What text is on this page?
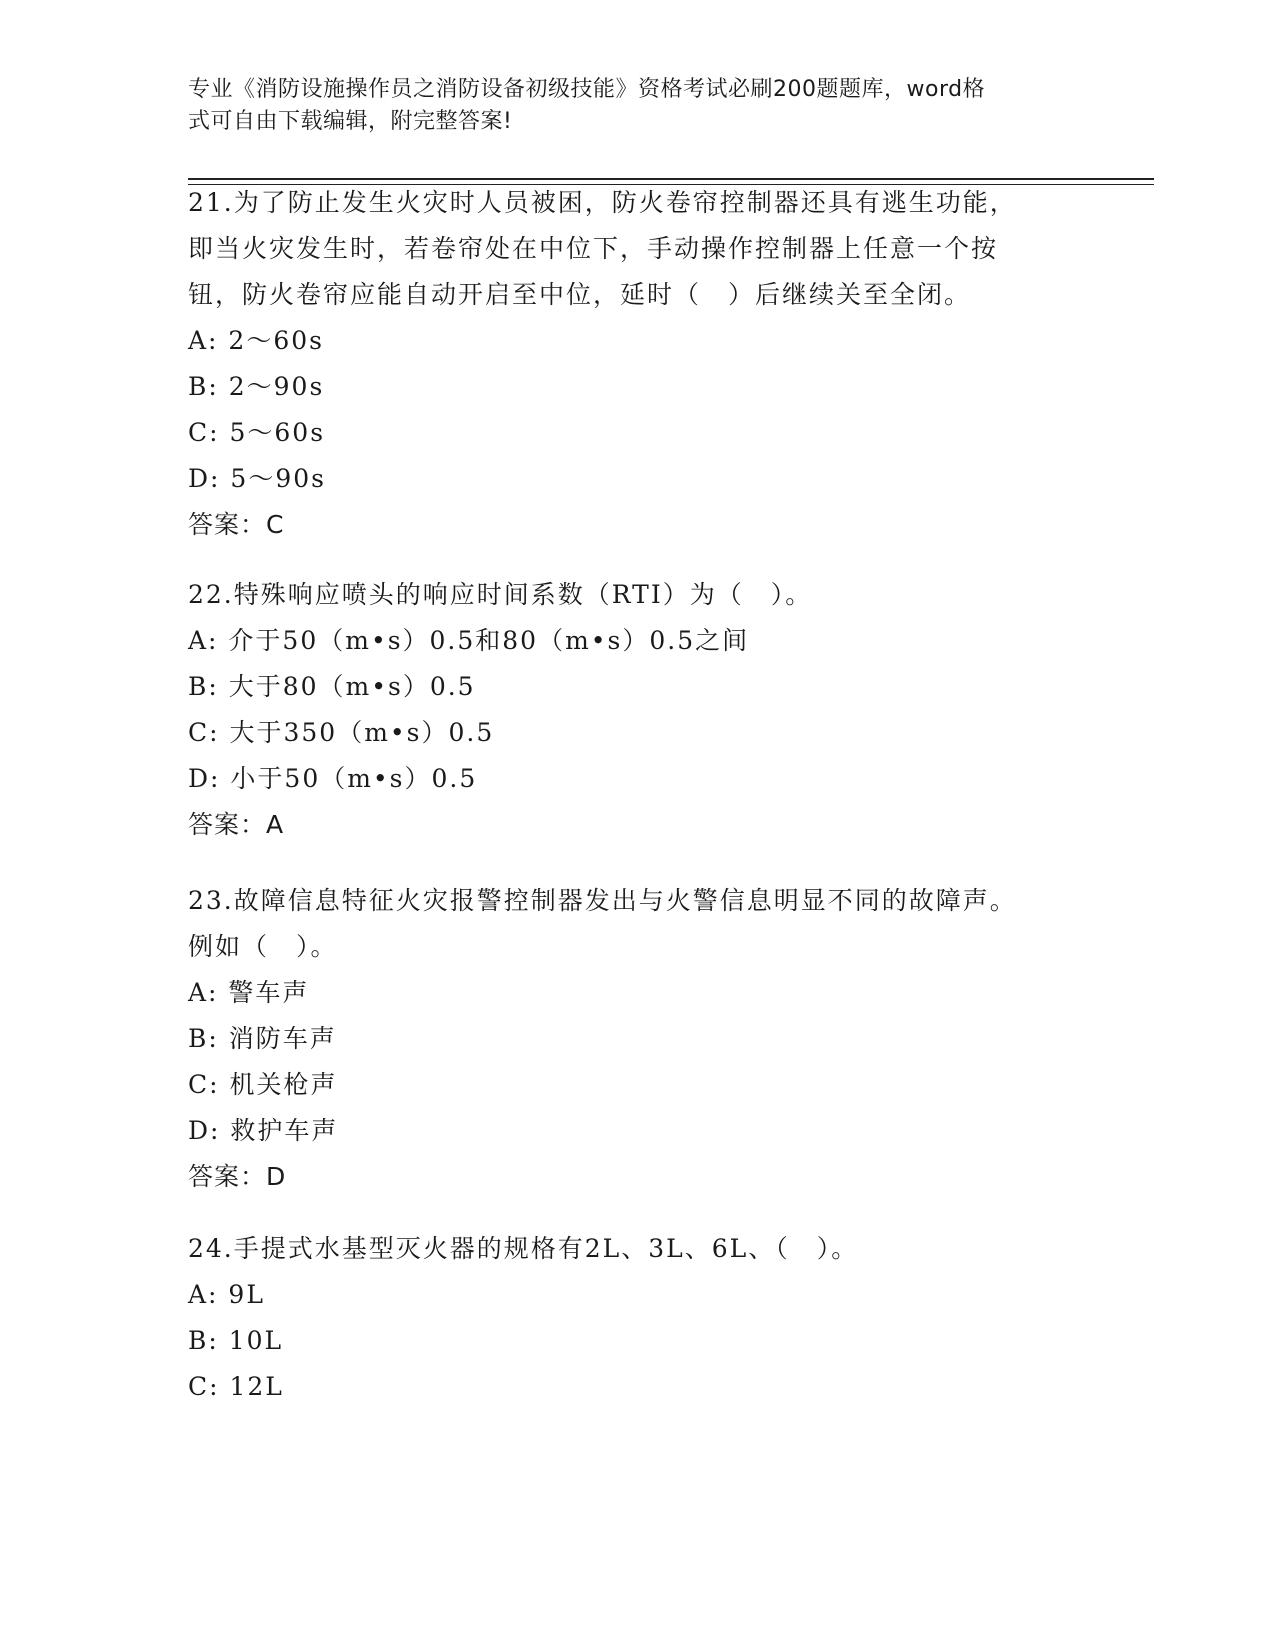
专业《消防设施操作员之消防设备初级技能》资格考试必刷200题题库，word格
式可自由下载编辑，附完整答案!
21.为了防止发生火灾时人员被困，防火卷帘控制器还具有逃生功能，
即当火灾发生时，若卷帘处在中位下，手动操作控制器上任意一个按
钮，防火卷帘应能自动开启至中位，延时（　）后继续关至全闭。
A: 2～60s
B: 2～90s
C: 5～60s
D: 5～90s
答案：C
22.特殊响应喷头的响应时间系数（RTI）为（　）。
A: 介于50（m•s）0.5和80（m•s）0.5之间
B: 大于80（m•s）0.5
C: 大于350（m•s）0.5
D: 小于50（m•s）0.5
答案：A
23.故障信息特征火灾报警控制器发出与火警信息明显不同的故障声。
例如（　）。
A: 警车声
B: 消防车声
C: 机关枪声
D: 救护车声
答案：D
24.手提式水基型灭火器的规格有2L、3L、6L、（　）。
A: 9L
B: 10L
C: 12L
